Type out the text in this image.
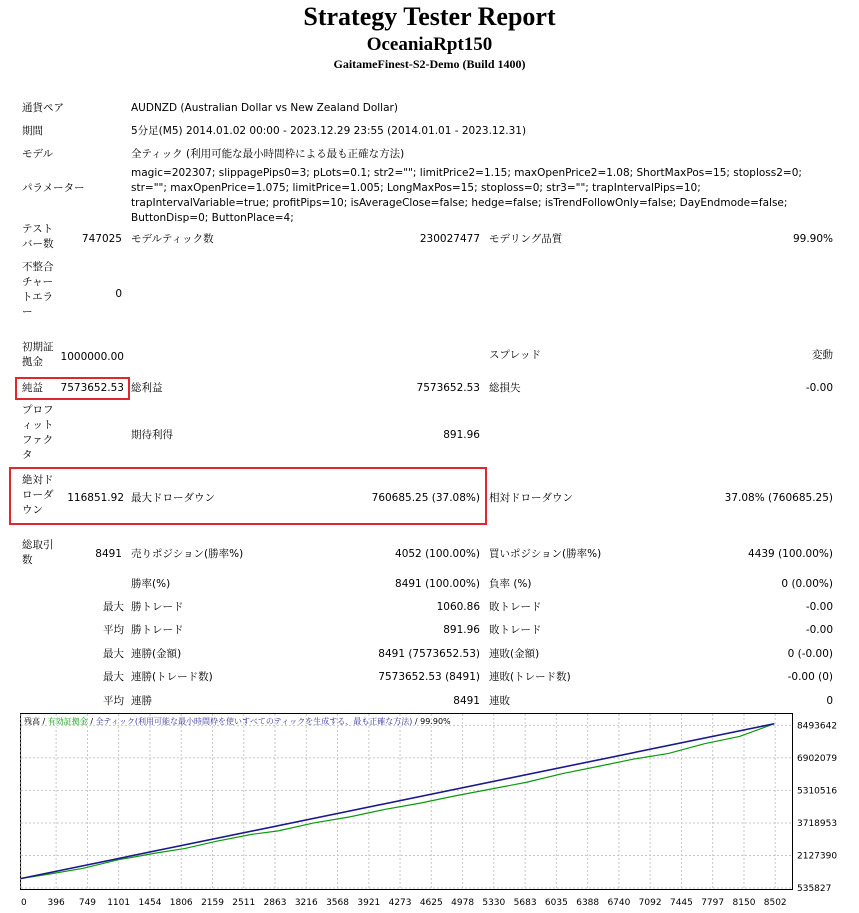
Strategy Tester Report
OceaniaRpt150
GaitameFinest-S2-Demo (Build 1400)
通貨ペア	AUDNZD (Australian Dollar vs New Zealand Dollar)
期間	5分足(M5) 2014.01.02 00:00 - 2023.12.29 23:55 (2014.01.01 - 2023.12.31)
モデル	全ティック (利用可能な最小時間枠による最も正確な方法)
パラメーター
magic=202307; slippagePips0=3; pLots=0.1; str2=""; limitPrice2=1.15; maxOpenPrice2=1.08; ShortMaxPos=15; stoploss2=0; str=""; maxOpenPrice=1.075; limitPrice=1.005; LongMaxPos=15; stoploss=0; str3=""; trapIntervalPips=10; trapIntervalVariable=true; profitPips=10; isAverageClose=false; hedge=false; isTrendFollowOnly=false; DayEndmode=false; ButtonDisp=0; ButtonPlace=4;
テストバー数	747025 モデルティック数	230027477 モデリング品質	99.90%
不整合チャートエラー
0
初期証拠金	1000000.00	スプレッド	変動
純益 7573652.53 総利益	7573652.53 総損失	-0.00
プロフィットファクタ
期待利得	891.96
絶対ドローダウン
116851.92 最大ドローダウン	760685.25 (37.08%) 相対ドローダウン	37.08% (760685.25)
総取引数	8491 売りポジション(勝率%)	4052 (100.00%) 買いポジション(勝率%)	4439 (100.00%)
勝率(%)	8491 (100.00%) 負率 (%)	0 (0.00%)
最大 勝トレード	1060.86 敗トレード	-0.00
平均 勝トレード	891.96 敗トレード	-0.00
最大 連勝(金額)	8491 (7573652.53) 連敗(金額)	0 (-0.00)
最大 連勝(トレード数)	7573652.53 (8491) 連敗(トレード数)	-0.00 (0)
平均 連勝	8491 連敗	0
0 396 749 1101 1454 1806 2159 2511 2863 3216 3568 3921 4273 4625 4978 5330 5683 6035 6388 6740 7092 7445 7797 8150 8502
535827
2127390
3718953
5310516
6902079
8493642
残高 / 有効証拠金 / 全ティック(利用可能な最小時間枠を使いすべてのティックを生成する、最も正確な方法) / 99.90%
